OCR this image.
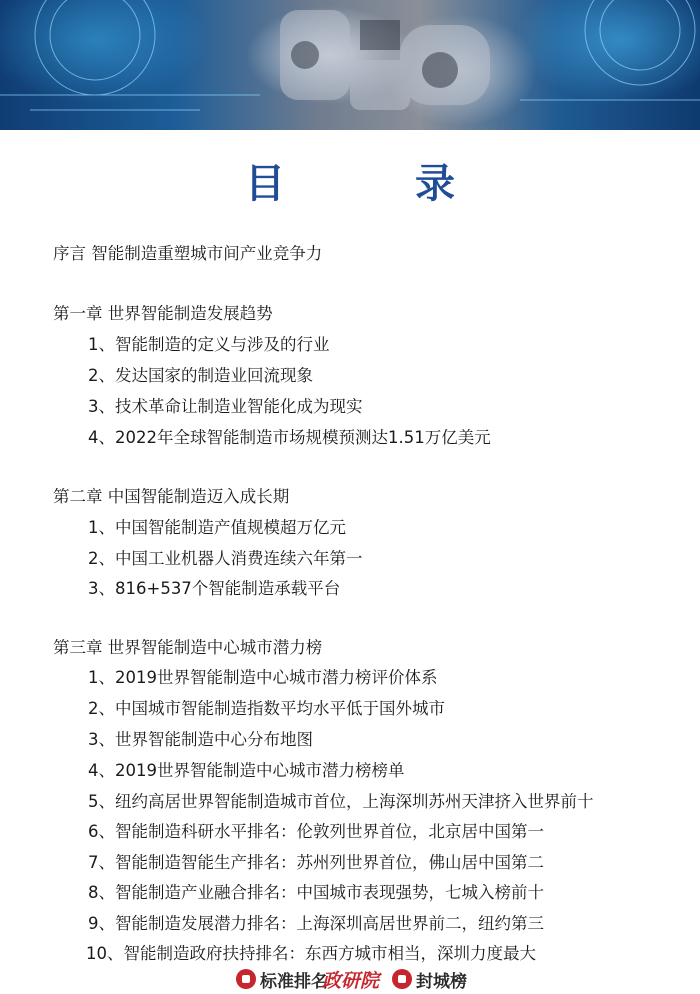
目 录
序言 智能制造重塑城市间产业竞争力
第一章 世界智能制造发展趋势
1、智能制造的定义与涉及的行业
2、发达国家的制造业回流现象
3、技术革命让制造业智能化成为现实
4、2022年全球智能制造市场规模预测达1.51万亿美元
第二章 中国智能制造迈入成长期
1、中国智能制造产值规模超万亿元
2、中国工业机器人消费连续六年第一
3、816+537个智能制造承载平台
第三章 世界智能制造中心城市潜力榜
1、2019世界智能制造中心城市潜力榜评价体系
2、中国城市智能制造指数平均水平低于国外城市
3、世界智能制造中心分布地图
4、2019世界智能制造中心城市潜力榜榜单
5、纽约高居世界智能制造城市首位，上海深圳苏州天津挤入世界前十
6、智能制造科研水平排名：伦敦列世界首位，北京居中国第一
7、智能制造智能生产排名：苏州列世界首位，佛山居中国第二
8、智能制造产业融合排名：中国城市表现强势，七城入榜前十
9、智能制造发展潜力排名：上海深圳高居世界前二，纽约第三
10、智能制造政府扶持排名：东西方城市相当，深圳力度最大
标准排名
政研院 封城榜
